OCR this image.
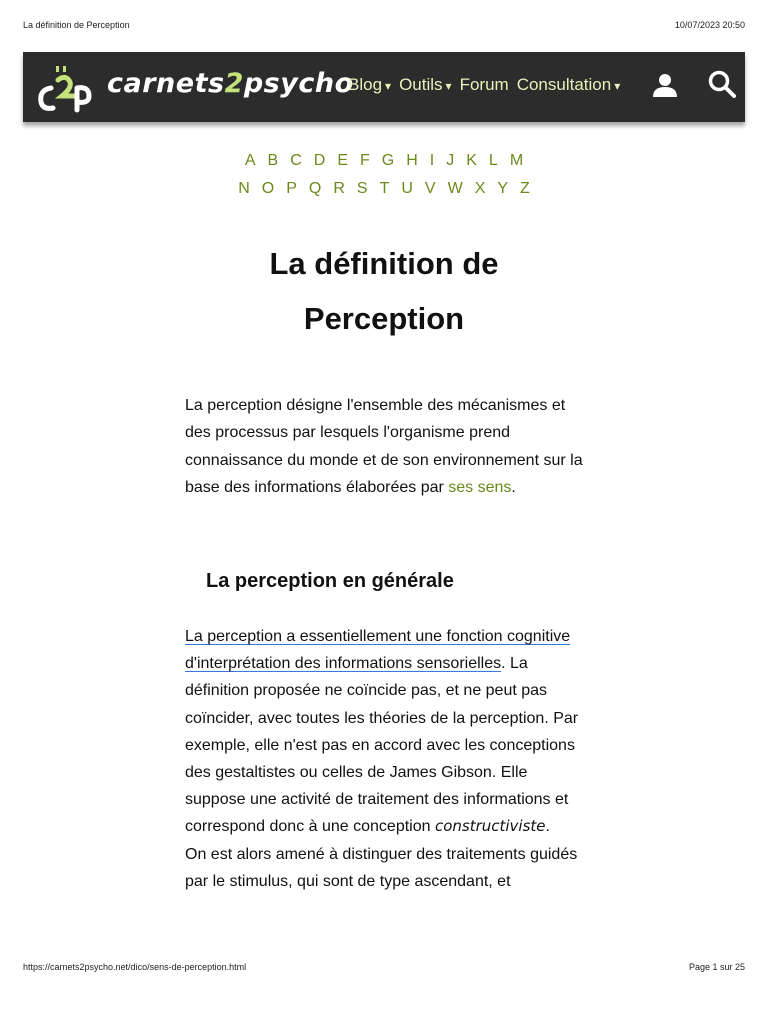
La définition de Perception	10/07/2023 20:50
carnets2psycho
Blog ▾ Outils ▾ Forum Consultation ▾
A B C D E F G H I J K L M
N O P Q R S T U V W X Y Z
La définition de
Perception

La perception désigne l'ensemble des mécanismes et des processus par lesquels l'organisme prend connaissance du monde et de son environnement sur la base des informations élaborées par ses sens.

La perception en générale

La perception a essentiellement une fonction cognitive d'interprétation des informations sensorielles. La définition proposée ne coïncide pas, et ne peut pas coïncider, avec toutes les théories de la perception. Par exemple, elle n'est pas en accord avec les conceptions des gestaltistes ou celles de James Gibson. Elle suppose une activité de traitement des informations et correspond donc à une conception constructiviste.
On est alors amené à distinguer des traitements guidés par le stimulus, qui sont de type ascendant, et

https://carnets2psycho.net/dico/sens-de-perception.html	Page 1 sur 25
